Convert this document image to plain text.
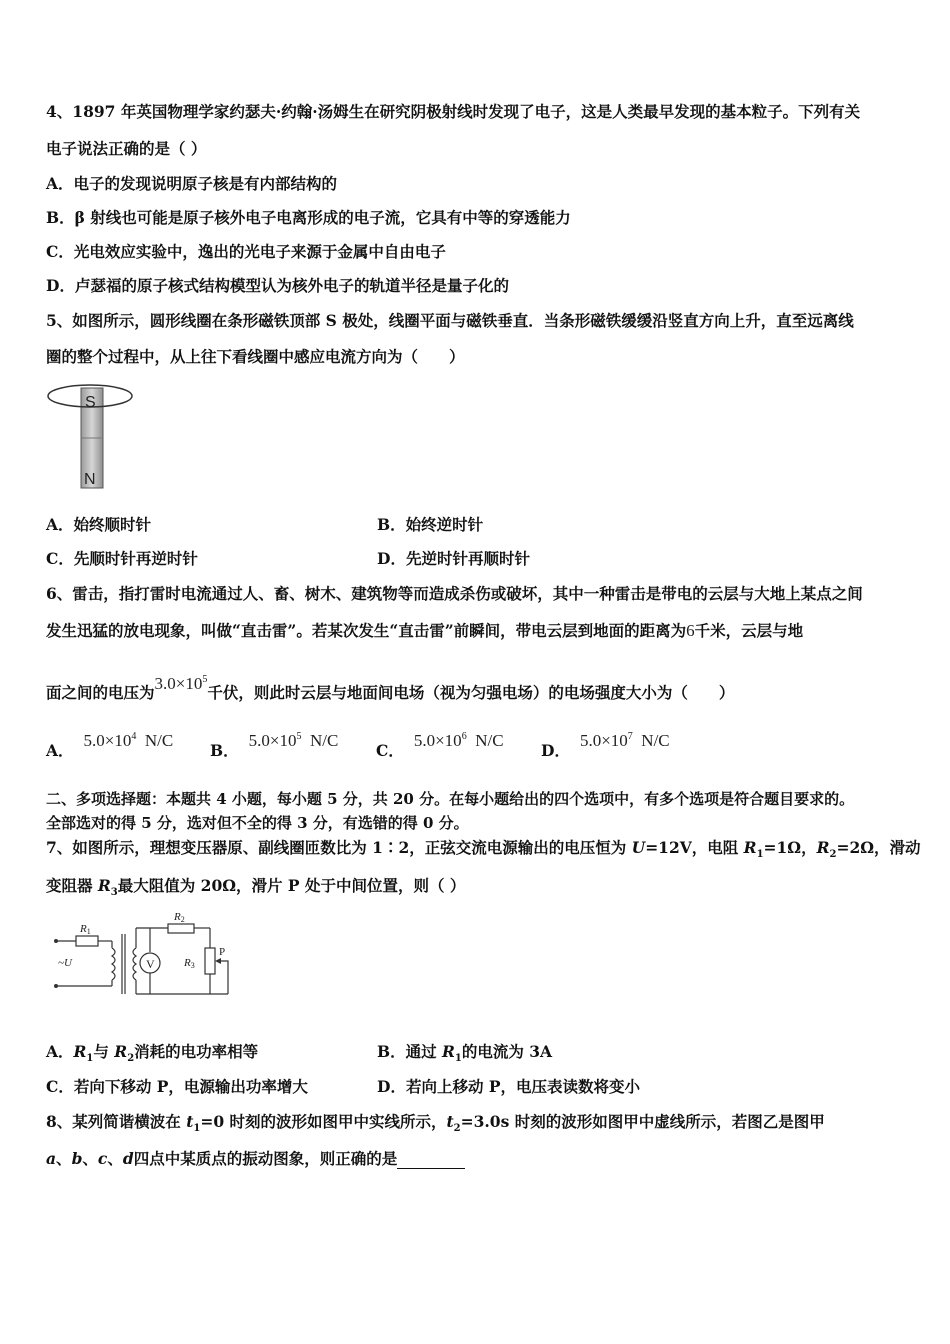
4、1897 年英国物理学家约瑟夫·约翰·汤姆生在研究阴极射线时发现了电子，这是人类最早发现的基本粒子。下列有关
电子说法正确的是（ ）
A．电子的发现说明原子核是有内部结构的
B．β 射线也可能是原子核外电子电离形成的电子流，它具有中等的穿透能力
C．光电效应实验中，逸出的光电子来源于金属中自由电子
D．卢瑟福的原子核式结构模型认为核外电子的轨道半径是量子化的
5、如图所示，圆形线圈在条形磁铁顶部 S 极处，线圈平面与磁铁垂直．当条形磁铁缓缓沿竖直方向上升，直至远离线
圈的整个过程中，从上往下看线圈中感应电流方向为（　　）
S
N
A．始终顺时针	B．始终逆时针
C．先顺时针再逆时针	D．先逆时针再顺时针
6、雷击，指打雷时电流通过人、畜、树木、建筑物等而造成杀伤或破坏，其中一种雷击是带电的云层与大地上某点之间
发生迅猛的放电现象，叫做“直击雷”。若某次发生“直击雷”前瞬间，带电云层到地面的距离为6千米，云层与地
面之间的电压为$3.0\times 10^5$千伏，则此时云层与地面间电场（视为匀强电场）的电场强度大小为（　　）
A．$5.0\times 10^4$ N/C
B．$5.0\times 10^5$ N/C
C．$5.0\times 10^6$ N/C
D．$5.0\times 10^7$ N/C
二、多项选择题：本题共 4 小题，每小题 5 分，共 20 分。在每小题给出的四个选项中，有多个选项是符合题目要求的。
全部选对的得 5 分，选对但不全的得 3 分，有选错的得 0 分。
7、如图所示，理想变压器原、副线圈匝数比为 1∶2，正弦交流电源输出的电压恒为 U=12V，电阻 $R_1=1\Omega$，$R_2=2\Omega$，滑动
变阻器 $R_3$最大阻值为 20Ω，滑片 P 处于中间位置，则（ ）
V
R1
R2
R3
P
~U
A．$R_1$与 $R_2$消耗的电功率相等	B．通过 $R_1$的电流为 3A
C．若向下移动 P，电源输出功率增大	D．若向上移动 P，电压表读数将变小
8、某列简谐横波在 $t_1=0$ 时刻的波形如图甲中实线所示，$t_2=3.0s$ 时刻的波形如图甲中虚线所示，若图乙是图甲
a、b、c、d四点中某质点的振动图象，则正确的是
